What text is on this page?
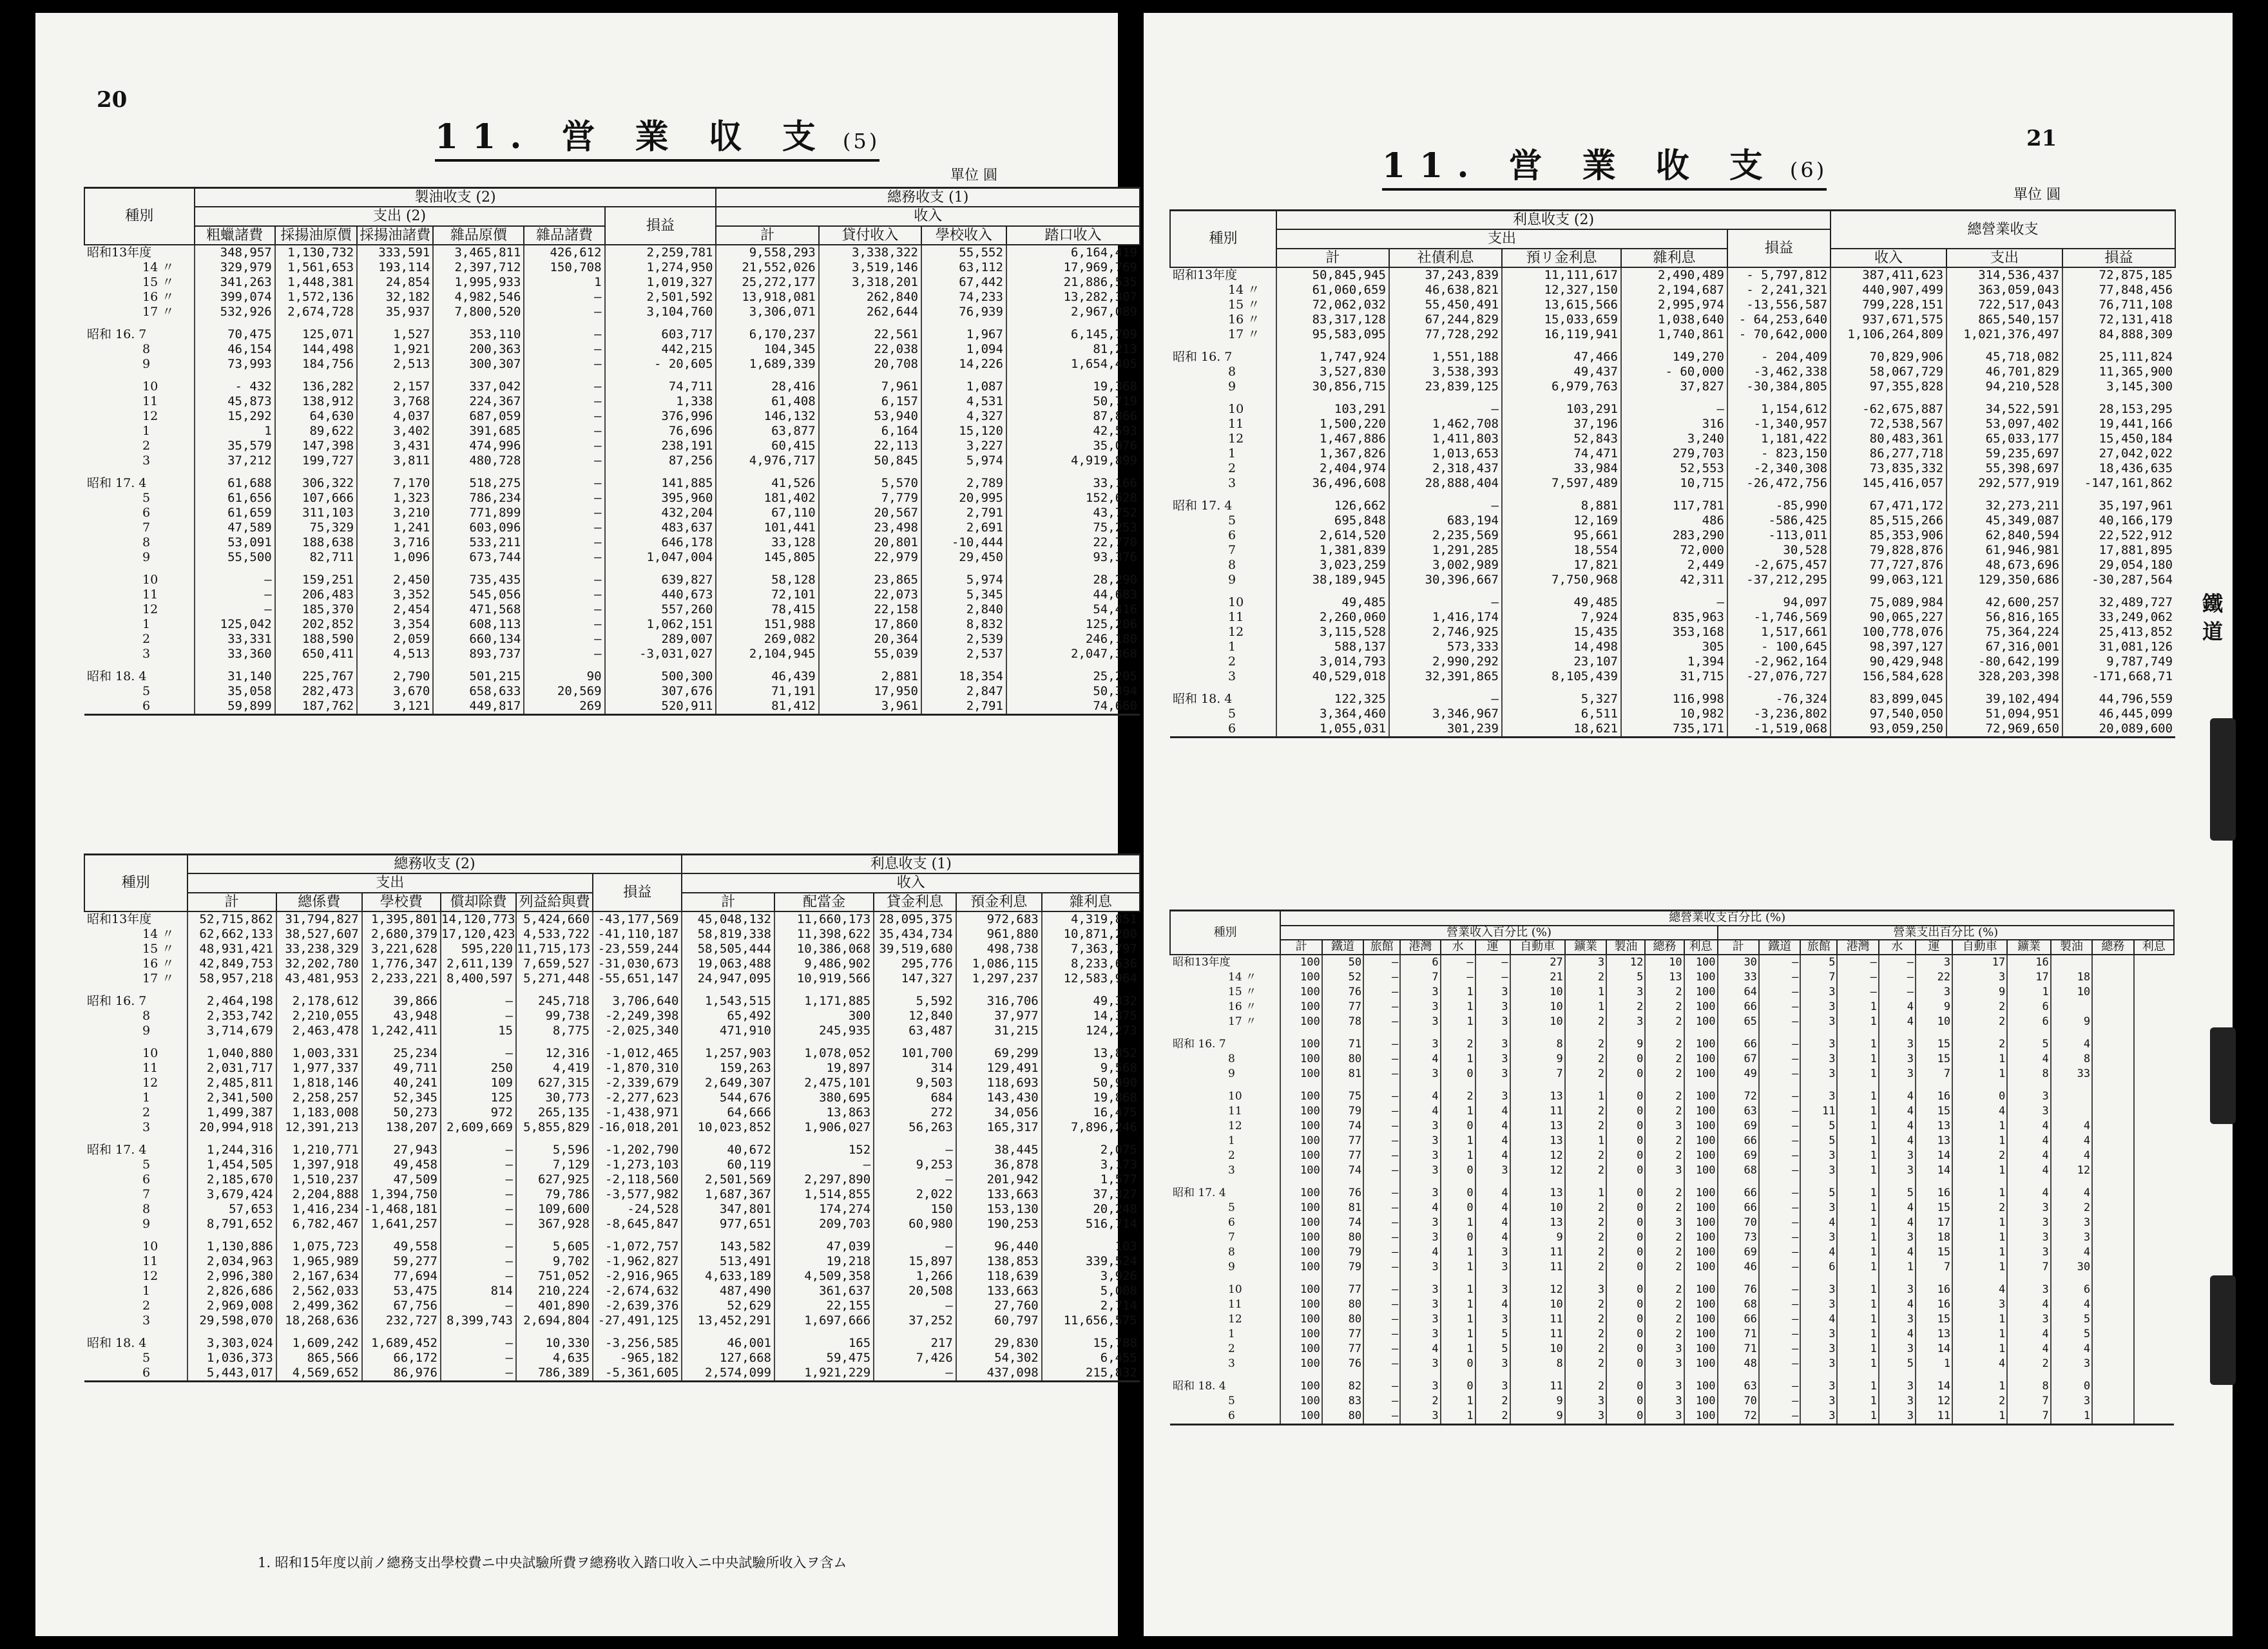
20
11. 営 業 収 支 (5)
單位 圓
種別	製油收支 (2)						總務收支 (1)			
	支出 (2)					損益	收入			
	粗蠟諸費	採揚油原價	採揚油諸費	雜品原價	雜品諸費		計	貸付收入	學校收入	踏口收入
昭和13年度	348,957	1,130,732	333,591	3,465,811	426,612	2,259,781	9,558,293	3,338,322	55,552	6,164,419
14 〃	329,979	1,561,653	193,114	2,397,712	150,708	1,274,950	21,552,026	3,519,146	63,112	17,969,769
15 〃	341,263	1,448,381	24,854	1,995,933	1	1,019,327	25,272,177	3,318,201	67,442	21,886,535
16 〃	399,074	1,572,136	32,182	4,982,546	—	2,501,592	13,918,081	262,840	74,233	13,282,307
17 〃	532,926	2,674,728	35,937	7,800,520	—	3,104,760	3,306,071	262,644	76,939	2,967,089

昭和 16. 7	70,475	125,071	1,527	353,110	—	603,717	6,170,237	22,561	1,967	6,145,709
8	46,154	144,498	1,921	200,363	—	442,215	104,345	22,038	1,094	81,213
9	73,993	184,756	2,513	300,307	—	- 20,605	1,689,339	20,708	14,226	1,654,405

10	- 432	136,282	2,157	337,042	—	74,711	28,416	7,961	1,087	19,368
11	45,873	138,912	3,768	224,367	—	1,338	61,408	6,157	4,531	50,719
12	15,292	64,630	4,037	687,059	—	376,996	146,132	53,940	4,327	87,866
1	1	89,622	3,402	391,685	—	76,696	63,877	6,164	15,120	42,593
2	35,579	147,398	3,431	474,996	—	238,191	60,415	22,113	3,227	35,076
3	37,212	199,727	3,811	480,728	—	87,256	4,976,717	50,845	5,974	4,919,899

昭和 17. 4	61,688	306,322	7,170	518,275	—	141,885	41,526	5,570	2,789	33,166
5	61,656	107,666	1,323	786,234	—	395,960	181,402	7,779	20,995	152,628
6	61,659	311,103	3,210	771,899	—	432,204	67,110	20,567	2,791	43,752
7	47,589	75,329	1,241	603,096	—	483,637	101,441	23,498	2,691	75,253
8	53,091	188,638	3,716	533,211	—	646,178	33,128	20,801	-10,444	22,770
9	55,500	82,711	1,096	673,744	—	1,047,004	145,805	22,979	29,450	93,376

10	—	159,251	2,450	735,435	—	639,827	58,128	23,865	5,974	28,290
11	—	206,483	3,352	545,056	—	440,673	72,101	22,073	5,345	44,683
12	—	185,370	2,454	471,568	—	557,260	78,415	22,158	2,840	54,416
1	125,042	202,852	3,354	608,113	—	1,062,151	151,988	17,860	8,832	125,206
2	33,331	188,590	2,059	660,134	—	289,007	269,082	20,364	2,539	246,180
3	33,360	650,411	4,513	893,737	—	-3,031,027	2,104,945	55,039	2,537	2,047,368

昭和 18. 4	31,140	225,767	2,790	501,215	90	500,300	46,439	2,881	18,354	25,205
5	35,058	282,473	3,670	658,633	20,569	307,676	71,191	17,950	2,847	50,394
6	59,899	187,762	3,121	449,817	269	520,911	81,412	3,961	2,791	74,660
種別	總務收支 (2)						利息收支 (1)				
	支出					損益	收入				
	計	總係費	學校費	償却除費	列益給與費		計	配當金	貸金利息	預金利息	雜利息
昭和13年度	52,715,862	31,794,827	1,395,801	14,120,773	5,424,660	-43,177,569	45,048,132	11,660,173	28,095,375	972,683	4,319,851
14 〃	62,662,133	38,527,607	2,680,379	17,120,423	4,533,722	-41,110,187	58,819,338	11,398,622	35,434,734	961,880	10,871,200
15 〃	48,931,421	33,238,329	3,221,628	595,220	11,715,173	-23,559,244	58,505,444	10,386,068	39,519,680	498,738	7,363,797
16 〃	42,849,753	32,202,780	1,776,347	2,611,139	7,659,527	-31,030,673	19,063,488	9,486,902	295,776	1,086,115	8,233,636
17 〃	58,957,218	43,481,953	2,233,221	8,400,597	5,271,448	-55,651,147	24,947,095	10,919,566	147,327	1,297,237	12,583,964

昭和 16. 7	2,464,198	2,178,612	39,866	—	245,718	3,706,640	1,543,515	1,171,885	5,592	316,706	49,332
8	2,353,742	2,210,055	43,948	—	99,738	-2,249,398	65,492	300	12,840	37,977	14,375
9	3,714,679	2,463,478	1,242,411	15	8,775	-2,025,340	471,910	245,935	63,487	31,215	124,273

10	1,040,880	1,003,331	25,234	—	12,316	-1,012,465	1,257,903	1,078,052	101,700	69,299	13,852
11	2,031,717	1,977,337	49,711	250	4,419	-1,870,310	159,263	19,897	314	129,491	9,568
12	2,485,811	1,818,146	40,241	109	627,315	-2,339,679	2,649,307	2,475,101	9,503	118,693	50,990
1	2,341,500	2,258,257	52,345	125	30,773	-2,277,623	544,676	380,695	684	143,430	19,868
2	1,499,387	1,183,008	50,273	972	265,135	-1,438,971	64,666	13,863	272	34,056	16,475
3	20,994,918	12,391,213	138,207	2,609,669	5,855,829	-16,018,201	10,023,852	1,906,027	56,263	165,317	7,896,246

昭和 17. 4	1,244,316	1,210,771	27,943	—	5,596	-1,202,790	40,672	152	—	38,445	2,075
5	1,454,505	1,397,918	49,458	—	7,129	-1,273,103	60,119	—	9,253	36,878	3,173
6	2,185,670	1,510,237	47,509	—	627,925	-2,118,560	2,501,569	2,297,890	—	201,942	1,577
7	3,679,424	2,204,888	1,394,750	—	79,786	-3,577,982	1,687,367	1,514,855	2,022	133,663	37,327
8	57,653	1,416,234	-1,468,181	—	109,600	-24,528	347,801	174,274	150	153,130	20,248
9	8,791,652	6,782,467	1,641,257	—	367,928	-8,645,847	977,651	209,703	60,980	190,253	516,714

10	1,130,886	1,075,723	49,558	—	5,605	-1,072,757	143,582	47,039	—	96,440	103
11	2,034,963	1,965,989	59,277	—	9,702	-1,962,827	513,491	19,218	15,897	138,853	339,524
12	2,996,380	2,167,634	77,694	—	751,052	-2,916,965	4,633,189	4,509,358	1,266	118,639	3,926
1	2,826,686	2,562,033	53,475	814	210,224	-2,674,632	487,490	361,637	20,508	133,663	5,008
2	2,969,008	2,499,362	67,756	—	401,890	-2,639,376	52,629	22,155	—	27,760	2,714
3	29,598,070	18,268,636	232,727	8,399,743	2,694,804	-27,491,125	13,452,291	1,697,666	37,252	60,797	11,656,575

昭和 18. 4	3,303,024	1,609,242	1,689,452	—	10,330	-3,256,585	46,001	165	217	29,830	15,788
5	1,036,373	865,566	66,172	—	4,635	-965,182	127,668	59,475	7,426	54,302	6,455
6	5,443,017	4,569,652	86,976	—	786,389	-5,361,605	2,574,099	1,921,229	—	437,098	215,832
1. 昭和15年度以前ノ總務支出學校費ニ中央試驗所費ヲ總務收入踏口收入ニ中央試驗所收入ヲ含ム
11. 営 業 收 支 (6)
21
單位 圓
種別	利息收支 (2)					總營業收支		
	支出				損益			
	計	社債利息	預リ金利息	雜利息		收入	支出	損益
昭和13年度	50,845,945	37,243,839	11,111,617	2,490,489	- 5,797,812	387,411,623	314,536,437	72,875,185
14 〃	61,060,659	46,638,821	12,327,150	2,194,687	- 2,241,321	440,907,499	363,059,043	77,848,456
15 〃	72,062,032	55,450,491	13,615,566	2,995,974	-13,556,587	799,228,151	722,517,043	76,711,108
16 〃	83,317,128	67,244,829	15,033,659	1,038,640	- 64,253,640	937,671,575	865,540,157	72,131,418
17 〃	95,583,095	77,728,292	16,119,941	1,740,861	- 70,642,000	1,106,264,809	1,021,376,497	84,888,309

昭和 16. 7	1,747,924	1,551,188	47,466	149,270	- 204,409	70,829,906	45,718,082	25,111,824
8	3,527,830	3,538,393	49,437	- 60,000	-3,462,338	58,067,729	46,701,829	11,365,900
9	30,856,715	23,839,125	6,979,763	37,827	-30,384,805	97,355,828	94,210,528	3,145,300

10	103,291	—	103,291	—	1,154,612	-62,675,887	34,522,591	28,153,295
11	1,500,220	1,462,708	37,196	316	-1,340,957	72,538,567	53,097,402	19,441,166
12	1,467,886	1,411,803	52,843	3,240	1,181,422	80,483,361	65,033,177	15,450,184
1	1,367,826	1,013,653	74,471	279,703	- 823,150	86,277,718	59,235,697	27,042,022
2	2,404,974	2,318,437	33,984	52,553	-2,340,308	73,835,332	55,398,697	18,436,635
3	36,496,608	28,888,404	7,597,489	10,715	-26,472,756	145,416,057	292,577,919	-147,161,862

昭和 17. 4	126,662	—	8,881	117,781	-85,990	67,471,172	32,273,211	35,197,961
5	695,848	683,194	12,169	486	-586,425	85,515,266	45,349,087	40,166,179
6	2,614,520	2,235,569	95,661	283,290	-113,011	85,353,906	62,840,594	22,522,912
7	1,381,839	1,291,285	18,554	72,000	30,528	79,828,876	61,946,981	17,881,895
8	3,023,259	3,002,989	17,821	2,449	-2,675,457	77,727,876	48,673,696	29,054,180
9	38,189,945	30,396,667	7,750,968	42,311	-37,212,295	99,063,121	129,350,686	-30,287,564

10	49,485	—	49,485	—	94,097	75,089,984	42,600,257	32,489,727
11	2,260,060	1,416,174	7,924	835,963	-1,746,569	90,065,227	56,816,165	33,249,062
12	3,115,528	2,746,925	15,435	353,168	1,517,661	100,778,076	75,364,224	25,413,852
1	588,137	573,333	14,498	305	- 100,645	98,397,127	67,316,001	31,081,126
2	3,014,793	2,990,292	23,107	1,394	-2,962,164	90,429,948	-80,642,199	9,787,749
3	40,529,018	32,391,865	8,105,439	31,715	-27,076,727	156,584,628	328,203,398	-171,668,71

昭和 18. 4	122,325	—	5,327	116,998	-76,324	83,899,045	39,102,494	44,796,559
5	3,364,460	3,346,967	6,511	10,982	-3,236,802	97,540,050	51,094,951	46,445,099
6	1,055,031	301,239	18,621	735,171	-1,519,068	93,059,250	72,969,650	20,089,600
種別	總營業收支百分比 (%)																					
	營業收入百分比 (%)											營業支出百分比 (%)										
	計	鐵道	旅館	港灣	水	運	自動車	鑛業	製油	總務	利息	計	鐵道	旅館	港灣	水	運	自動車	鑛業	製油	總務	利息
昭和13年度	100	50	—	6	—	—	27	3	12	10	100	30	—	5	—	—	3	17	16			
14 〃	100	52	—	7	—	—	21	2	5	13	100	33	—	7	—	—	22	3	17	18		
15 〃	100	76	—	3	1	3	10	1	3	2	100	64	—	3	—	—	3	9	1	10		
16 〃	100	77	—	3	1	3	10	1	2	2	100	66	—	3	1	4	9	2	6			
17 〃	100	78	—	3	1	3	10	2	3	2	100	65	—	3	1	4	10	2	6	9		

昭和 16. 7	100	71	—	3	2	3	8	2	9	2	100	66	—	3	1	3	15	2	5	4		
8	100	80	—	4	1	3	9	2	0	2	100	67	—	3	1	3	15	1	4	8		
9	100	81	—	3	0	3	7	2	0	2	100	49	—	3	1	3	7	1	8	33		

10	100	75	—	4	2	3	13	1	0	2	100	72	—	3	1	4	16	0	3			
11	100	79	—	4	1	4	11	2	0	2	100	63	—	11	1	4	15	4	3			
12	100	74	—	3	0	4	13	2	0	3	100	69	—	5	1	4	13	1	4	4		
1	100	77	—	3	1	4	13	1	0	2	100	66	—	5	1	4	13	1	4	4		
2	100	77	—	3	1	4	12	2	0	2	100	69	—	3	1	3	14	2	4	4		
3	100	74	—	3	0	3	12	2	0	3	100	68	—	3	1	3	14	1	4	12		

昭和 17. 4	100	76	—	3	0	4	13	1	0	2	100	66	—	5	1	5	16	1	4	4		
5	100	81	—	4	0	4	10	2	0	2	100	66	—	3	1	4	15	2	3	2		
6	100	74	—	3	1	4	13	2	0	3	100	70	—	4	1	4	17	1	3	3		
7	100	80	—	3	0	4	9	2	0	2	100	73	—	3	1	3	18	1	3	3		
8	100	79	—	4	1	3	11	2	0	2	100	69	—	4	1	4	15	1	3	4		
9	100	79	—	3	1	3	11	2	0	2	100	46	—	6	1	1	7	1	7	30		

10	100	77	—	3	1	3	12	3	0	2	100	76	—	3	1	3	16	4	3	6		
11	100	80	—	3	1	4	10	2	0	2	100	68	—	3	1	4	16	3	4	4		
12	100	80	—	3	1	3	11	2	0	2	100	66	—	4	1	3	15	1	3	5		
1	100	77	—	3	1	5	11	2	0	2	100	71	—	3	1	4	13	1	4	5		
2	100	77	—	4	1	5	10	2	0	3	100	71	—	3	1	3	14	1	4	4		
3	100	76	—	3	0	3	8	2	0	3	100	48	—	3	1	5	1	4	2	3		

昭和 18. 4	100	82	—	3	0	3	11	2	0	3	100	63	—	3	1	3	14	1	8	0		
5	100	83	—	2	1	2	9	3	0	3	100	70	—	3	1	3	12	2	7	3		
6	100	80	—	3	1	2	9	3	0	3	100	72	—	3	1	3	11	1	7	1		
鐵 道
